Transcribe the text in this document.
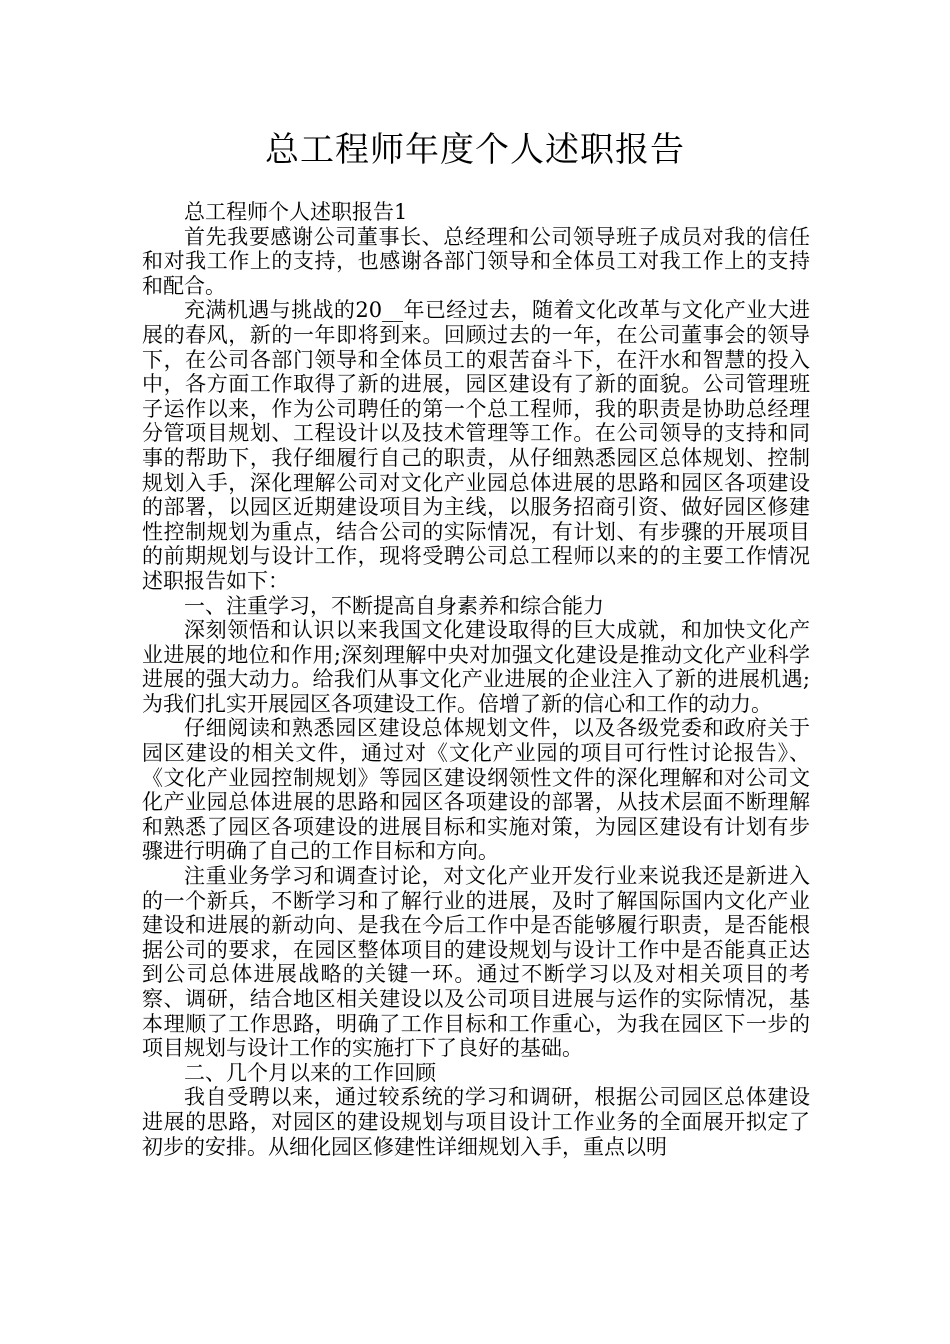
总工程师年度个人述职报告

总工程师个人述职报告1

首先我要感谢公司董事长、总经理和公司领导班子成员对我的信任和对我工作上的支持，也感谢各部门领导和全体员工对我工作上的支持和配合。

充满机遇与挑战的20__年已经过去，随着文化改革与文化产业大进展的春风，新的一年即将到来。回顾过去的一年，在公司董事会的领导下，在公司各部门领导和全体员工的艰苦奋斗下，在汗水和智慧的投入中，各方面工作取得了新的进展，园区建设有了新的面貌。公司管理班子运作以来，作为公司聘任的第一个总工程师，我的职责是协助总经理分管项目规划、工程设计以及技术管理等工作。在公司领导的支持和同事的帮助下，我仔细履行自己的职责，从仔细熟悉园区总体规划、控制规划入手，深化理解公司对文化产业园总体进展的思路和园区各项建设的部署，以园区近期建设项目为主线，以服务招商引资、做好园区修建性控制规划为重点，结合公司的实际情况，有计划、有步骤的开展项目的前期规划与设计工作，现将受聘公司总工程师以来的的主要工作情况述职报告如下：

一、注重学习，不断提高自身素养和综合能力

深刻领悟和认识以来我国文化建设取得的巨大成就，和加快文化产业进展的地位和作用;深刻理解中央对加强文化建设是推动文化产业科学进展的强大动力。给我们从事文化产业进展的企业注入了新的进展机遇;为我们扎实开展园区各项建设工作。倍增了新的信心和工作的动力。

仔细阅读和熟悉园区建设总体规划文件，以及各级党委和政府关于园区建设的相关文件，通过对《文化产业园的项目可行性讨论报告》、《文化产业园控制规划》等园区建设纲领性文件的深化理解和对公司文化产业园总体进展的思路和园区各项建设的部署，从技术层面不断理解和熟悉了园区各项建设的进展目标和实施对策，为园区建设有计划有步骤进行明确了自己的工作目标和方向。

注重业务学习和调查讨论，对文化产业开发行业来说我还是新进入的一个新兵，不断学习和了解行业的进展，及时了解国际国内文化产业建设和进展的新动向、是我在今后工作中是否能够履行职责，是否能根据公司的要求，在园区整体项目的建设规划与设计工作中是否能真正达到公司总体进展战略的关键一环。通过不断学习以及对相关项目的考察、调研，结合地区相关建设以及公司项目进展与运作的实际情况，基本理顺了工作思路，明确了工作目标和工作重心，为我在园区下一步的项目规划与设计工作的实施打下了良好的基础。

二、几个月以来的工作回顾

我自受聘以来，通过较系统的学习和调研，根据公司园区总体建设进展的思路，对园区的建设规划与项目设计工作业务的全面展开拟定了初步的安排。从细化园区修建性详细规划入手，重点以明
